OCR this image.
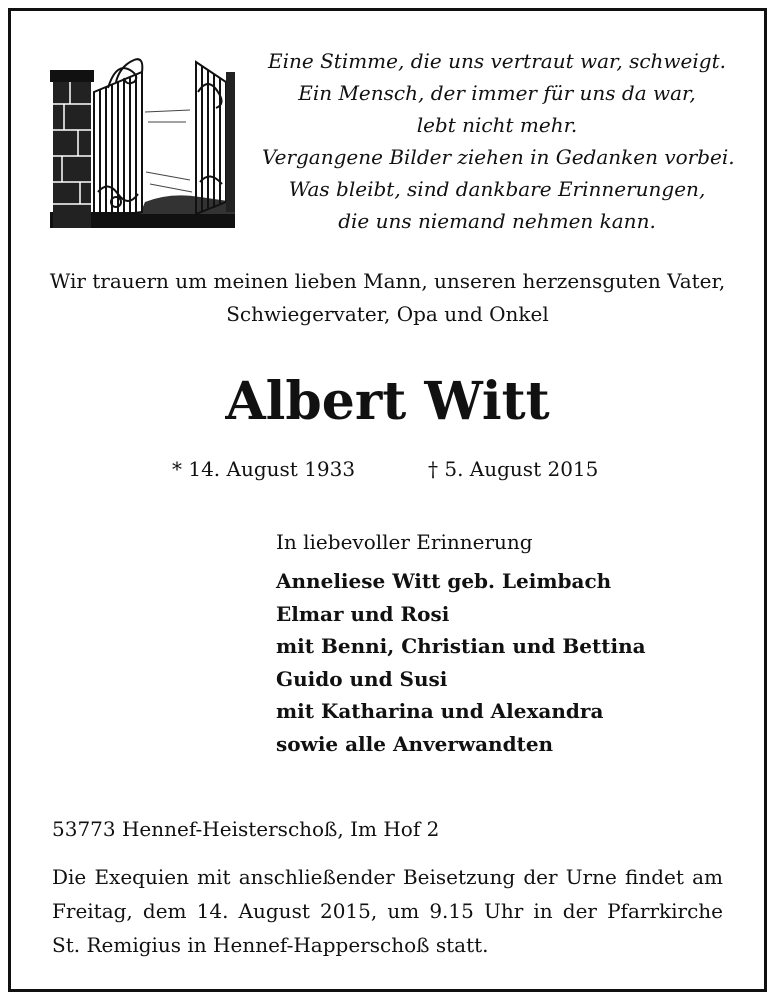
Eine Stimme, die uns vertraut war, schweigt.
Ein Mensch, der immer für uns da war,
lebt nicht mehr.
Vergangene Bilder ziehen in Gedanken vorbei.
Was bleibt, sind dankbare Erinnerungen,
die uns niemand nehmen kann.
Wir trauern um meinen lieben Mann, unseren herzensguten Vater,
Schwiegervater, Opa und Onkel
Albert Witt
* 14. August 1933	† 5. August 2015
In liebevoller Erinnerung
Anneliese Witt geb. Leimbach
Elmar und Rosi
mit Benni, Christian und Bettina
Guido und Susi
mit Katharina und Alexandra
sowie alle Anverwandten
53773 Hennef-Heisterschoß, Im Hof 2
Die Exequien mit anschließender Beisetzung der Urne findet am
Freitag, dem 14. August 2015, um 9.15 Uhr in der Pfarrkirche
St. Remigius in Hennef-Happerschoß statt.
